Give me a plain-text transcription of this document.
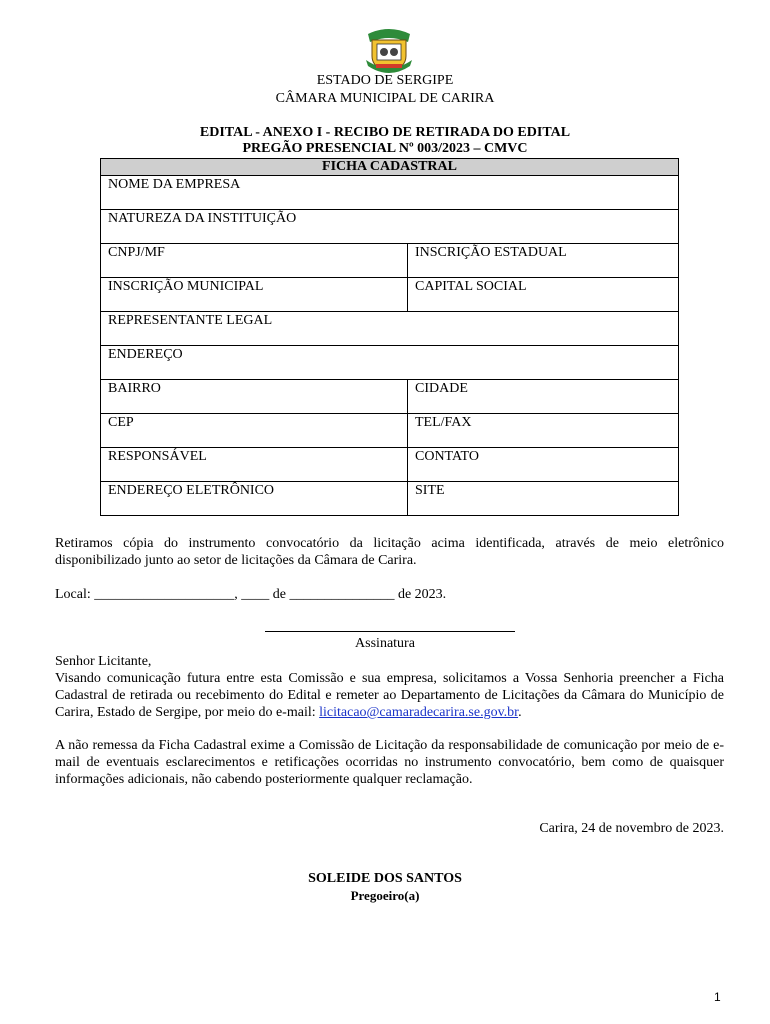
ESTADO DE SERGIPE
CÂMARA MUNICIPAL DE CARIRA
EDITAL - ANEXO I - RECIBO DE RETIRADA DO EDITAL
PREGÃO PRESENCIAL Nº 003/2023 – CMVC
FICHA CADASTRAL	
NOME DA EMPRESA	
NATUREZA DA INSTITUIÇÃO	
CNPJ/MF	INSCRIÇÃO ESTADUAL
INSCRIÇÃO MUNICIPAL	CAPITAL SOCIAL
REPRESENTANTE LEGAL	
ENDEREÇO	
BAIRRO	CIDADE
CEP	TEL/FAX
RESPONSÁVEL	CONTATO
ENDEREÇO ELETRÔNICO	SITE
Retiramos cópia do instrumento convocatório da licitação acima identificada, através de meio eletrônico disponibilizado junto ao setor de licitações da Câmara de Carira.
Local: ____________________, ____ de _______________ de 2023.
Assinatura
Senhor Licitante,
Visando comunicação futura entre esta Comissão e sua empresa, solicitamos a Vossa Senhoria preencher a Ficha Cadastral de retirada ou recebimento do Edital e remeter ao Departamento de Licitações da Câmara do Município de Carira, Estado de Sergipe, por meio do e-mail: licitacao@camaradecarira.se.gov.br.
A não remessa da Ficha Cadastral exime a Comissão de Licitação da responsabilidade de comunicação por meio de e-mail de eventuais esclarecimentos e retificações ocorridas no instrumento convocatório, bem como de quaisquer informações adicionais, não cabendo posteriormente qualquer reclamação.
Carira, 24 de novembro de 2023.
SOLEIDE DOS SANTOS
Pregoeiro(a)
1
